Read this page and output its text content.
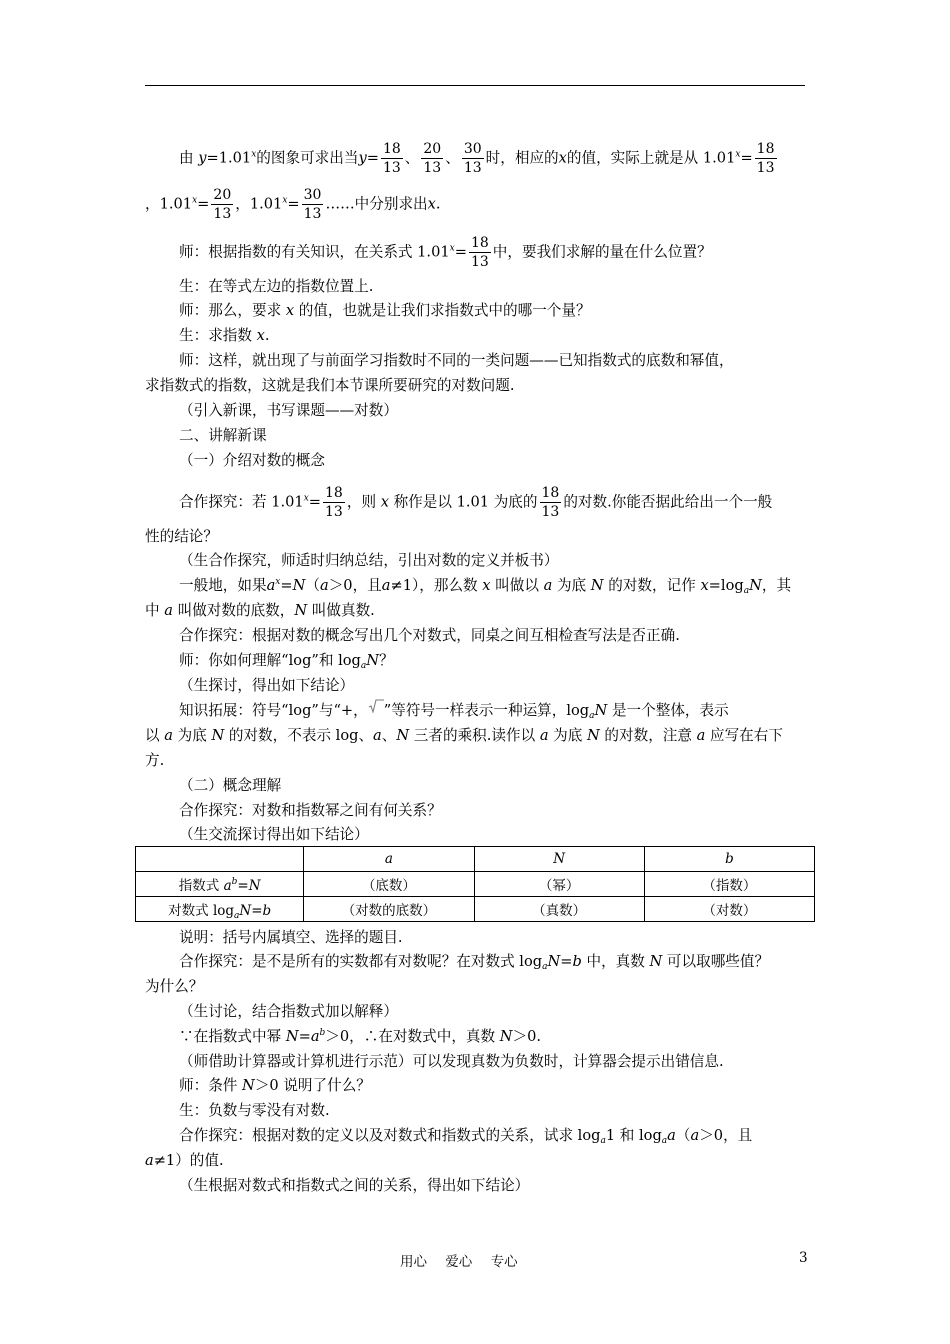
由 $y=1.01^x$的图象可求出当$y= \frac{18}{13}$ 、 $\frac{20}{13}$ 、 $\frac{30}{13}$ 时，相应的x的值，实际上就是从 $1.01^x= \frac{18}{13}$
，$1.01^x= \frac{20}{13}$ ，$1.01^x= \frac{30}{13}$ ……中分别求出x.
师：根据指数的有关知识，在关系式 $1.01^x= \frac{18}{13}$ 中，要我们求解的量在什么位置？
生：在等式左边的指数位置上.
师：那么，要求 x 的值，也就是让我们求指数式中的哪一个量？
生：求指数 x.
师：这样，就出现了与前面学习指数时不同的一类问题——已知指数式的底数和幂值，
求指数式的指数，这就是我们本节课所要研究的对数问题.
（引入新课，书写课题——对数）
二、讲解新课
（一）介绍对数的概念
合作探究：若 $1.01^x= \frac{18}{13}$ ，则 x 称作是以 1.01 为底的 $\frac{18}{13}$ 的对数.你能否据此给出一个一般
性的结论？
（生合作探究，师适时归纳总结，引出对数的定义并板书）
一般地，如果$a^x=N(a>0$，且a≠1），那么数 x 叫做以 a 为底 N 的对数，记作 $x=\log_aN$，其
中 a 叫做对数的底数，N 叫做真数.
合作探究：根据对数的概念写出几个对数式，同桌之间互相检查写法是否正确.
师：你如何理解“log”和 $\log_aN$？
（生探讨，得出如下结论）
知识拓展：符号“log”与“+， ”等符号一样表示一种运算，$\log_aN$ 是一个整体，表示
以 a 为底 N 的对数，不表示 log、a、N 三者的乘积.读作以 a 为底 N 的对数，注意 a 应写在右下
方.
（二）概念理解
合作探究：对数和指数幂之间有何关系？
（生交流探讨得出如下结论）
说明：括号内属填空、选择的题目.
合作探究：是不是所有的实数都有对数呢？在对数式 $\log_aN=b$ 中，真数 N 可以取哪些值？
为什么？
（生讨论，结合指数式加以解释）
∵在指数式中幂 $N=a^b>0$，∴在对数式中，真数 N＞0.
（师借助计算器或计算机进行示范）可以发现真数为负数时，计算器会提示出错信息.
师：条件 N＞0 说明了什么？
生：负数与零没有对数.
合作探究：根据对数的定义以及对数式和指数式的关系，试求 $\log_a1$ 和 $\log_aa(a>0$，且
a≠1）的值.
（生根据对数式和指数式之间的关系，得出如下结论）
	a	N	b
指数式 $a^b=N$	（底数）	（幂）	（指数）
对数式 $\log_aN=b$	（对数的底数）	（真数）	（对数）
用心 爱心 专心	3
